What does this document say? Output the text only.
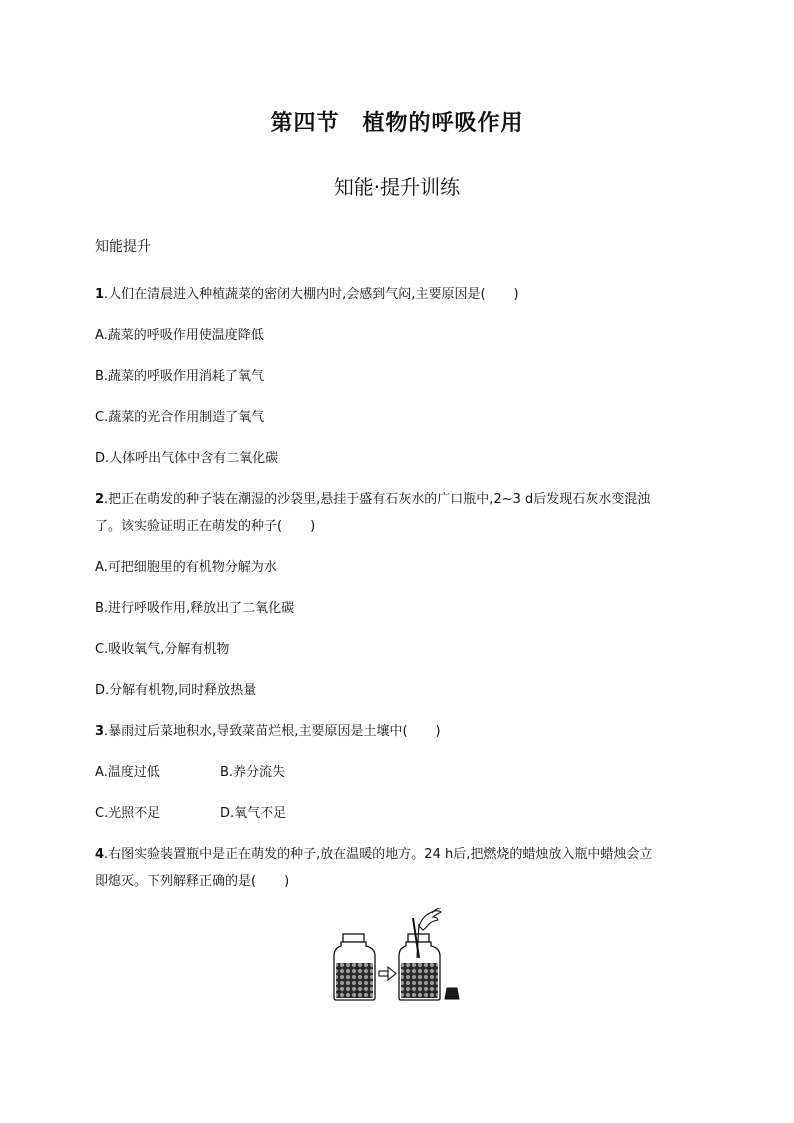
第四节　植物的呼吸作用
知能·提升训练
知能提升
1.人们在清晨进入种植蔬菜的密闭大棚内时,会感到气闷,主要原因是( )
A.蔬菜的呼吸作用使温度降低
B.蔬菜的呼吸作用消耗了氧气
C.蔬菜的光合作用制造了氧气
D.人体呼出气体中含有二氧化碳
2.把正在萌发的种子装在潮湿的沙袋里,悬挂于盛有石灰水的广口瓶中,2~3 d后发现石灰水变混浊
了。该实验证明正在萌发的种子( )
A.可把细胞里的有机物分解为水
B.进行呼吸作用,释放出了二氧化碳
C.吸收氧气,分解有机物
D.分解有机物,同时释放热量
3.暴雨过后菜地积水,导致菜苗烂根,主要原因是土壤中( )
A.温度过低	B.养分流失
C.光照不足	D.氧气不足
4.右图实验装置瓶中是正在萌发的种子,放在温暖的地方。24 h后,把燃烧的蜡烛放入瓶中蜡烛会立
即熄灭。下列解释正确的是( )
